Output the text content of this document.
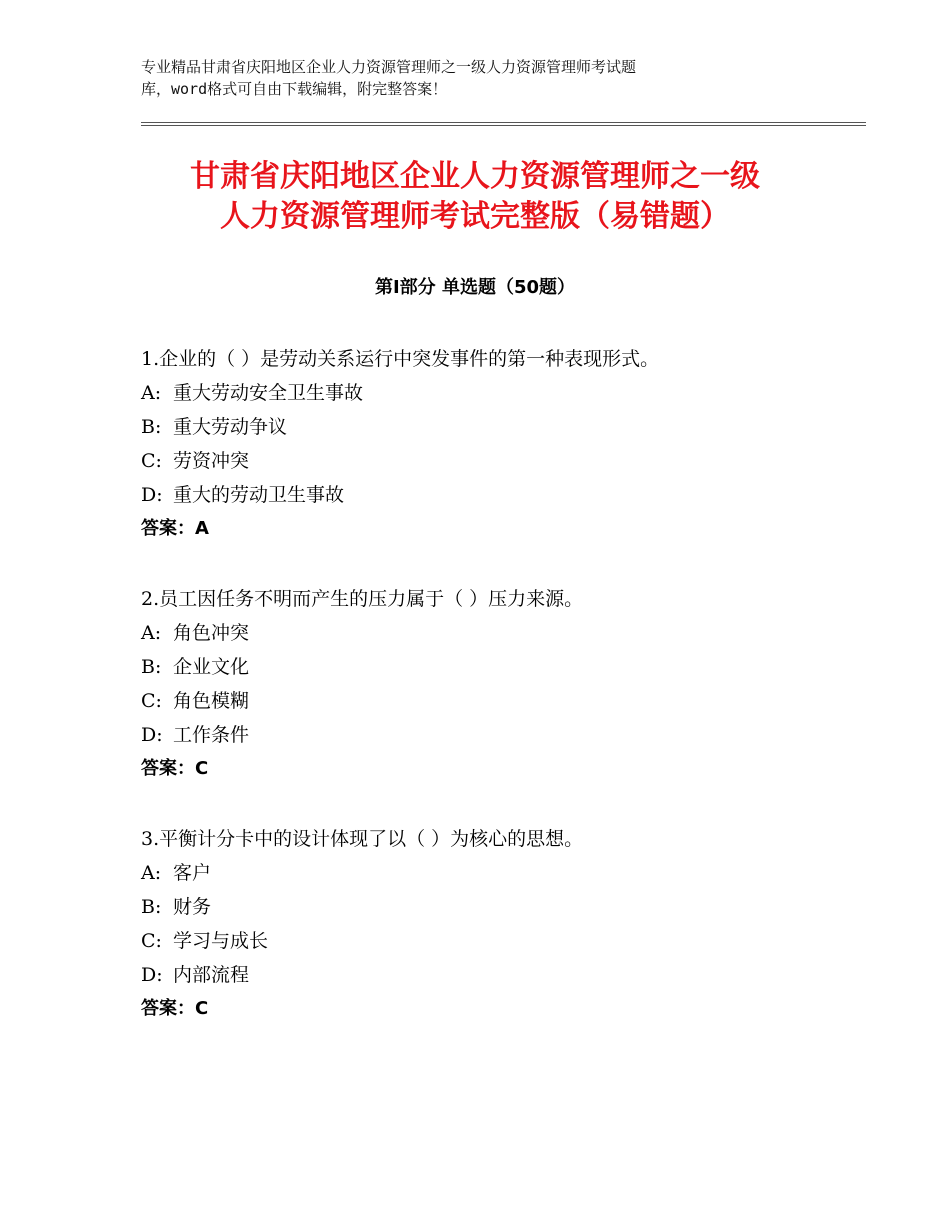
专业精品甘肃省庆阳地区企业人力资源管理师之一级人力资源管理师考试题
库，word格式可自由下载编辑，附完整答案！
甘肃省庆阳地区企业人力资源管理师之一级
人力资源管理师考试完整版（易错题）
第Ⅰ部分 单选题（50题）
1.企业的（ ）是劳动关系运行中突发事件的第一种表现形式。
A: 重大劳动安全卫生事故
B: 重大劳动争议
C: 劳资冲突
D: 重大的劳动卫生事故
答案：A
2.员工因任务不明而产生的压力属于（ ）压力来源。
A: 角色冲突
B: 企业文化
C: 角色模糊
D: 工作条件
答案：C
3.平衡计分卡中的设计体现了以（ ）为核心的思想。
A: 客户
B: 财务
C: 学习与成长
D: 内部流程
答案：C
